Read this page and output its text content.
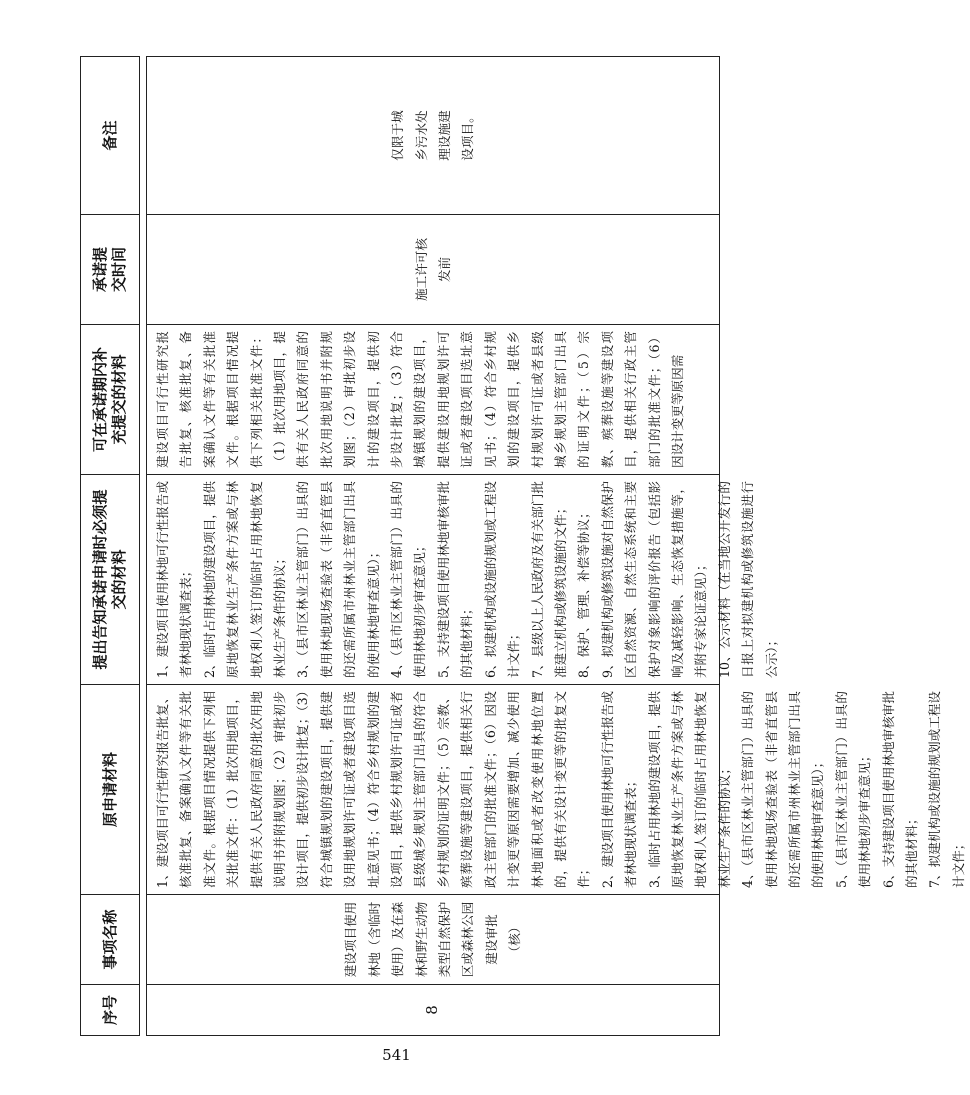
序号
事项名称
原申请材料
提出告知承诺申请时必须提交的材料
可在承诺期内补充提交的材料
承诺提交时间
备注
8
建设项目使用林地（含临时使用）及在森林和野生动物类型自然保护区或森林公园建设审批（核）

1、建设项目可行性研究报告批复、核准批复、备案确认文件等有关批准文件。根据项目情况提供下列相关批准文件：（1）批次用地项目，提供有关人民政府同意的批次用地说明书并附规划图；（2）审批初步设计项目，提供初步设计批复；（3）符合城镇规划的建设项目，提供建设用地规划许可证或者建设项目选址意见书；（4）符合乡村规划的建设项目，提供乡村规划许可证或者县级城乡规划主管部门出具的符合乡村规划的证明文件；（5）宗教、殡葬设施等建设项目，提供相关行政主管部门的批准文件；（6）因设计变更等原因需要增加、减少使用林地面积或者改变使用林地位置的，提供有关设计变更等的批复文件； 2、建设项目使用林地可行性报告或者林地现状调查表； 3、临时占用林地的建设项目，提供原地恢复林业生产条件方案或与林地权利人签订的临时占用林地恢复林业生产条件的协议； 4、（县市区林业主管部门）出具的使用林地现场查验表（非省直管县的还需所属市州林业主管部门出具的使用林地审查意见）； 5、（县市区林业主管部门）出具的使用林地初步审查意见； 6、支持建设项目使用林地审核审批的其他材料； 7、拟建机构或设施的规划或工程设计文件；

1、建设项目使用林地可行性报告或者林地现状调查表； 2、临时占用林地的建设项目，提供原地恢复林业生产条件方案或与林地权利人签订的临时占用林地恢复林业生产条件的协议； 3、（县市区林业主管部门）出具的使用林地现场查验表（非省直管县的还需所属市州林业主管部门出具的使用林地审查意见）； 4、（县市区林业主管部门）出具的使用林地初步审查意见； 5、支持建设项目使用林地审核审批的其他材料； 6、拟建机构或设施的规划或工程设计文件； 7、县级以上人民政府及有关部门批准建立机构或修筑设施的文件； 8、保护、管理、补偿等协议； 9、拟建机构或修筑设施对自然保护区自然资源、自然生态系统和主要保护对象影响的评价报告（包括影响及减轻影响、生态恢复措施等，并附专家论证意见）； 10、公示材料（在当地公开发行的日报上对拟建机构或修筑设施进行公示）；

建设项目可行性研究报告批复、核准批复、备案确认文件等有关批准文件。根据项目情况提供下列相关批准文件：（1）批次用地项目，提供有关人民政府同意的批次用地说明书并附规划图；（2）审批初步设计的建设项目，提供初步设计批复；（3）符合城镇规划的建设项目，提供建设用地规划许可证或者建设项目选址意见书；（4）符合乡村规划的建设项目，提供乡村规划许可证或者县级城乡规划主管部门出具的证明文件；（5）宗教、殡葬设施等建设项目，提供相关行政主管部门的批准文件；（6）因设计变更等原因需

施工许可核发前
仅限于城乡污水处理设施建设项目。
541
